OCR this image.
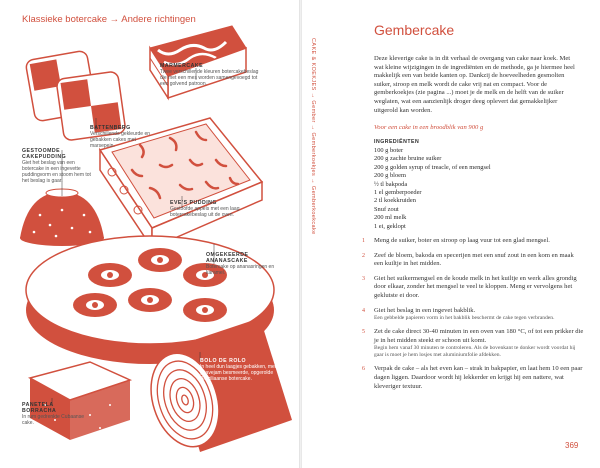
Klassieke botercake → Andere richtingen
MARMERCAKE
Twee verschillende kleuren botercakebeslag die met een mes worden samengevoegd tot een golvend patroon.
BATTENBERG
Verschillende gekleurde en gebakken cakes met marsepein.
GESTOOMDE CAKEPUDDING
Giet het beslag van een botercake in een ingevette puddingvorm en stoom hem tot het beslag is gaar.
EVE'S PUDDING
Gestoofde appels met een laag botercakebeslag uit de oven.
OMGEKEERDE ANANASCAKE
Botercake op ananasringen en karamel.
BOLO DE ROLO
In heel dun laagjes gebakken, met guavejam besmeerde, opgerolde Braziliaanse botercake.
PANETELA BORRACHA
In rum gedrenkte Cubaanse cake.
CAKE & KOEKJES → Gember → Gemberkoekjes → Gemberkoekcake
Gembercake
Deze kleverige cake is in dit verhaal de overgang van cake naar koek. Met wat kleine wijzigingen in de ingrediënten en de methode, ga je hiermee heel makkelijk een van beide kanten op. Dankzij de hoeveelheden gesmolten suiker, siroop en melk wordt de cake vrij nat en compact. Voor de gemberkoekjes (zie pagina ...) moet je de melk en de helft van de suiker weglaten, wat een aanzienlijk droger deeg oplevert dat gemakkelijker uitgerold kan worden.
Voor een cake in een broodblik van 900 g
INGREDIËNTEN
100 g boter
200 g zachte bruine suiker
200 g golden syrup of treacle, of een mengsel
200 g bloem
½ tl bakpoda
1 el gemberpoeder
2 tl koekkruiden
Snuf zout
200 ml melk
1 ei, geklopt
1 Meng de suiker, boter en siroop op laag vuur tot een glad mengsel.
2 Zeef de bloem, bakoda en specerijen met een snuf zout in een kom en maak een kuiltje in het midden.
3 Giet het suikermengsel en de koude melk in het kuiltje en werk alles grondig door elkaar, zonder het mengsel te veel te kloppen. Meng er vervolgens het geklutste ei door.
4 Giet het beslag in een ingevet bakblik.
Een gebbelde papieren vorm in het bakblik beschermt de cake tegen verbranden.
5 Zet de cake direct 30-40 minuten in een oven van 180 °C, of tot een prikker die je in het midden steekt er schoon uit komt.
Begin hem vanaf 30 minuten te controleren. Als de bovenkant te donker wordt voordat hij gaar is moet je hem losjes met aluminiumfolie afdekken.
6 Verpak de cake – als het even kan – strak in bakpapier, en laat hem 10 een paar dagen liggen. Daardoor wordt hij lekkerder en krijgt hij een nattere, wat kleveriger textuur.
369
